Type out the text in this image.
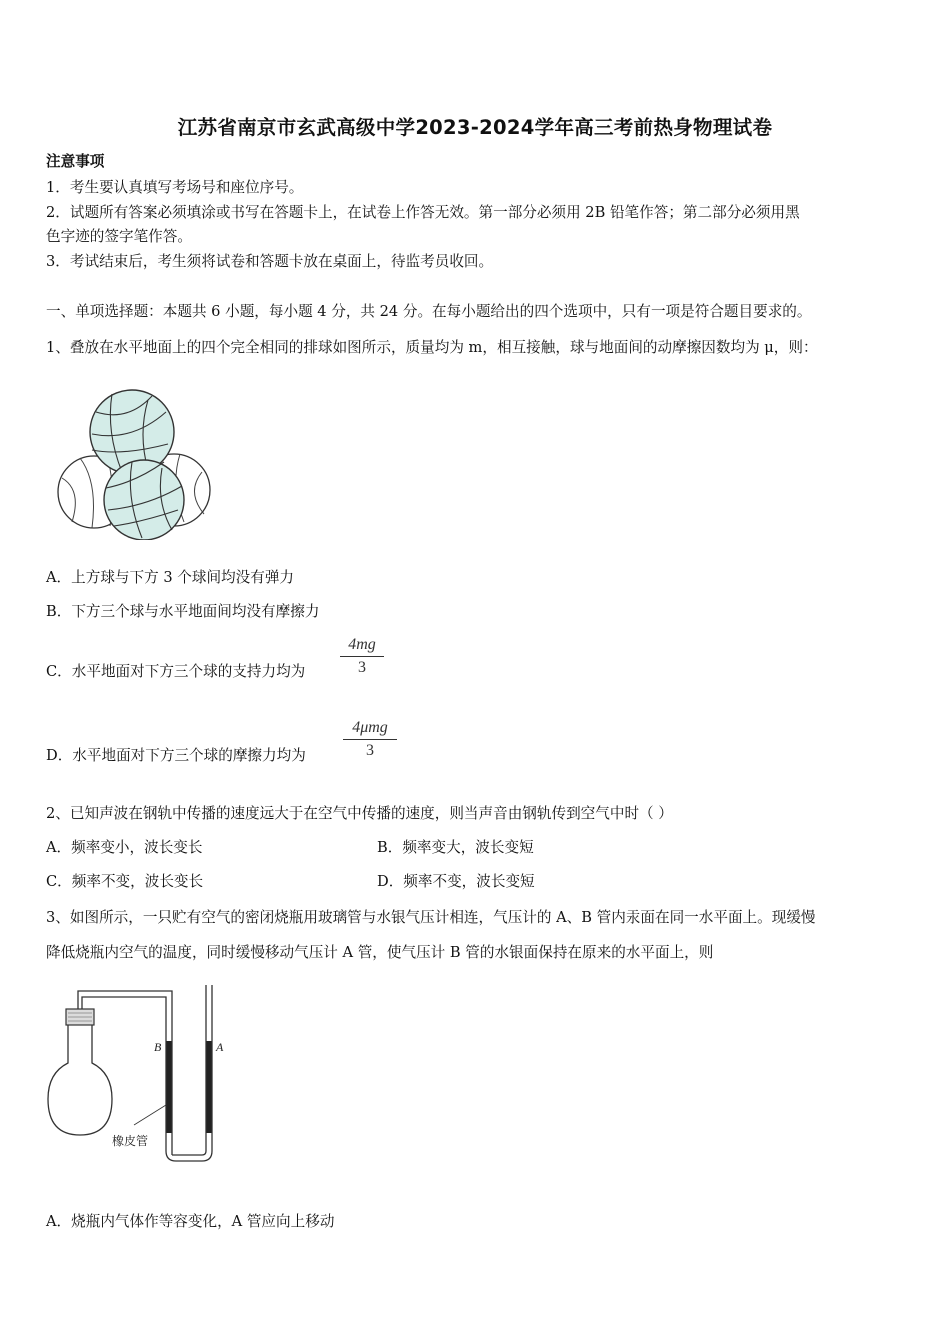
江苏省南京市玄武高级中学2023-2024学年高三考前热身物理试卷
注意事项
1．考生要认真填写考场号和座位序号。
2．试题所有答案必须填涂或书写在答题卡上，在试卷上作答无效。第一部分必须用 2B 铅笔作答；第二部分必须用黑
色字迹的签字笔作答。
3．考试结束后，考生须将试卷和答题卡放在桌面上，待监考员收回。
一、单项选择题：本题共 6 小题，每小题 4 分，共 24 分。在每小题给出的四个选项中，只有一项是符合题目要求的。
1、叠放在水平地面上的四个完全相同的排球如图所示，质量均为 m，相互接触，球与地面间的动摩擦因数均为 μ，则：
A．上方球与下方 3 个球间均没有弹力
B．下方三个球与水平地面间均没有摩擦力
C．水平地面对下方三个球的支持力均为
4mg
3
D．水平地面对下方三个球的摩擦力均为
4μmg
3
2、已知声波在钢轨中传播的速度远大于在空气中传播的速度，则当声音由钢轨传到空气中时（ ）
A．频率变小，波长变长	B．频率变大，波长变短
C．频率不变，波长变长	D．频率不变，波长变短
3、如图所示，一只贮有空气的密闭烧瓶用玻璃管与水银气压计相连，气压计的 A、B 管内汞面在同一水平面上。现缓慢
降低烧瓶内空气的温度，同时缓慢移动气压计 A 管，使气压计 B 管的水银面保持在原来的水平面上，则
B	A
橡皮管
A．烧瓶内气体作等容变化，A 管应向上移动
